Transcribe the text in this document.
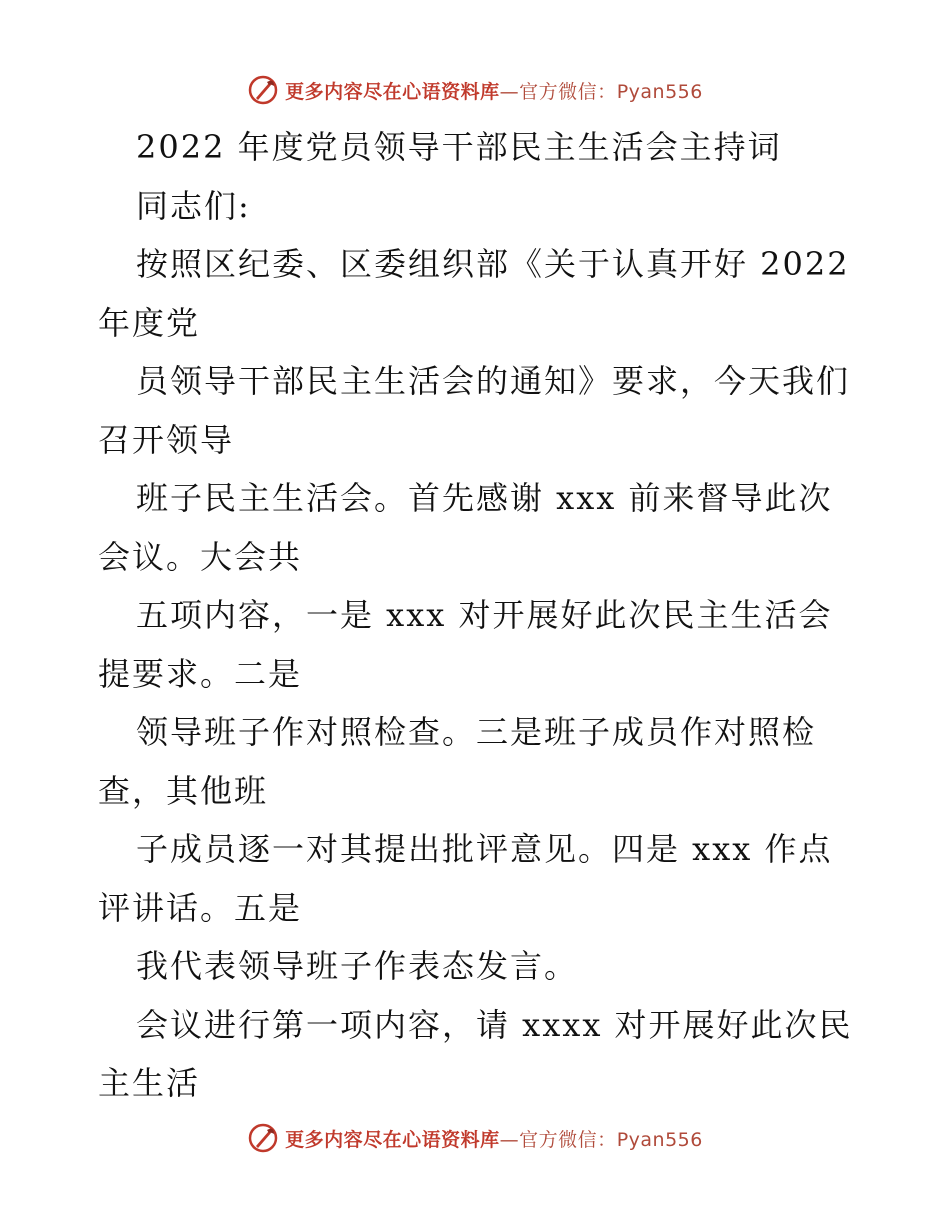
更多内容尽在心语资料库—官方微信：Pyan556
2022 年度党员领导干部民主生活会主持词
同志们:
按照区纪委、区委组织部《关于认真开好 2022
年度党
员领导干部民主生活会的通知》要求，今天我们
召开领导
班子民主生活会。首先感谢 xxx 前来督导此次
会议。大会共
五项内容，一是 xxx 对开展好此次民主生活会
提要求。二是
领导班子作对照检查。三是班子成员作对照检
查，其他班
子成员逐一对其提出批评意见。四是 xxx 作点
评讲话。五是
我代表领导班子作表态发言。
会议进行第一项内容，请 xxxx 对开展好此次民
主生活
更多内容尽在心语资料库—官方微信：Pyan556
